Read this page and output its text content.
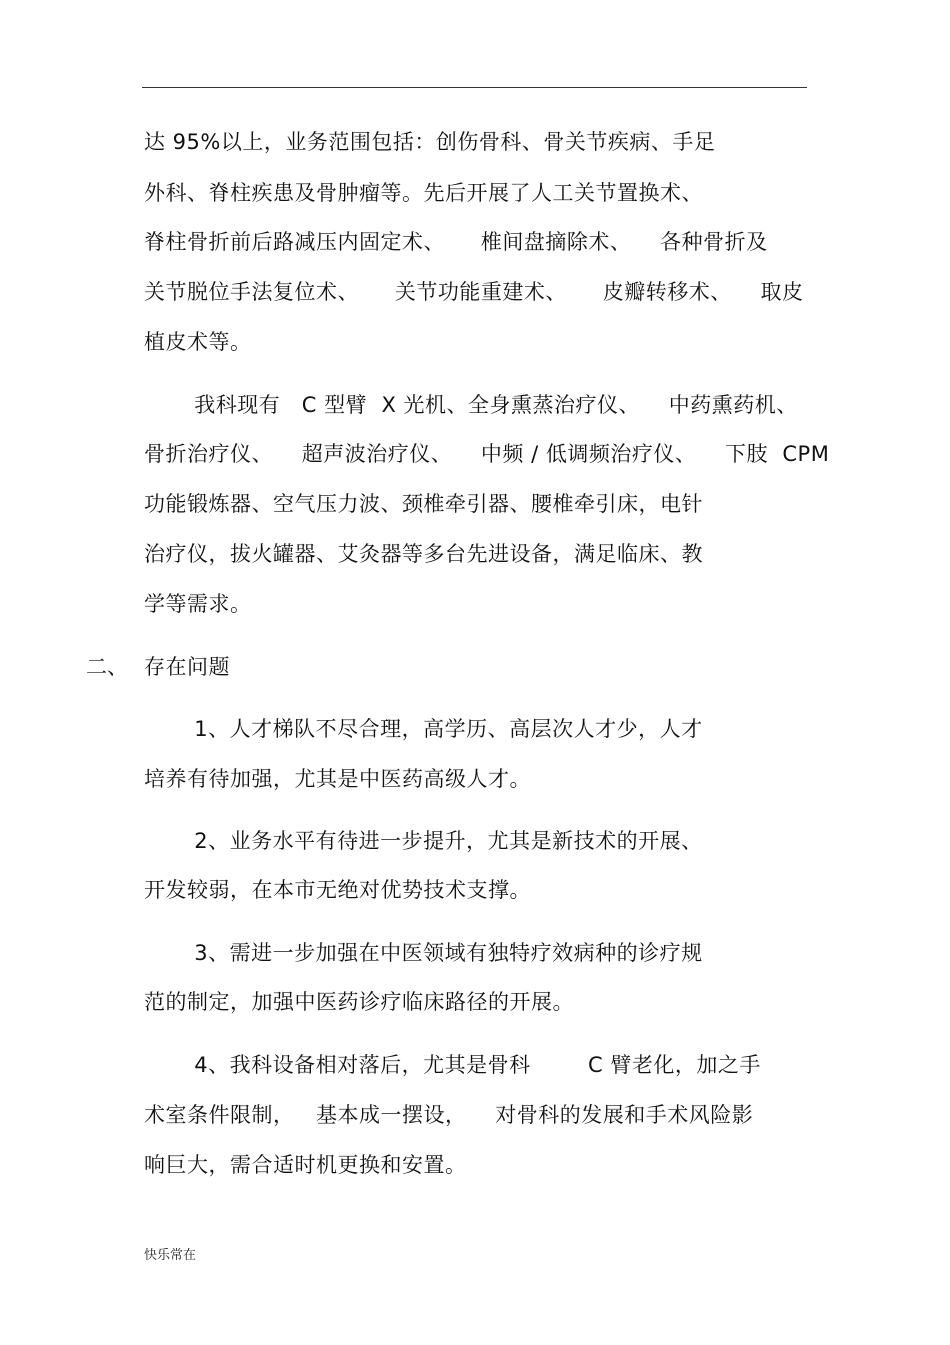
达 95%以上，业务范围包括：创伤骨科、骨关节疾病、手足
外科、脊柱疾患及骨肿瘤等。先后开展了人工关节置换术、
脊柱骨折前后路减压内固定术、     椎间盘摘除术、    各种骨折及
关节脱位手法复位术、     关节功能重建术、     皮瓣转移术、    取皮
植皮术等。
我科现有   C 型臂  X 光机、全身熏蒸治疗仪、    中药熏药机、
骨折治疗仪、    超声波治疗仪、    中频 / 低调频治疗仪、    下肢  CPM
功能锻炼器、空气压力波、颈椎牵引器、腰椎牵引床，电针
治疗仪，拔火罐器、艾灸器等多台先进设备，满足临床、教
学等需求。
二、 存在问题
1、人才梯队不尽合理，高学历、高层次人才少，人才
培养有待加强，尤其是中医药高级人才。
2、业务水平有待进一步提升，尤其是新技术的开展、
开发较弱，在本市无绝对优势技术支撑。
3、需进一步加强在中医领域有独特疗效病种的诊疗规
范的制定，加强中医药诊疗临床路径的开展。
4、我科设备相对落后，尤其是骨科        C 臂老化，加之手
术室条件限制，   基本成一摆设，    对骨科的发展和手术风险影
响巨大，需合适时机更换和安置。
快乐常在
